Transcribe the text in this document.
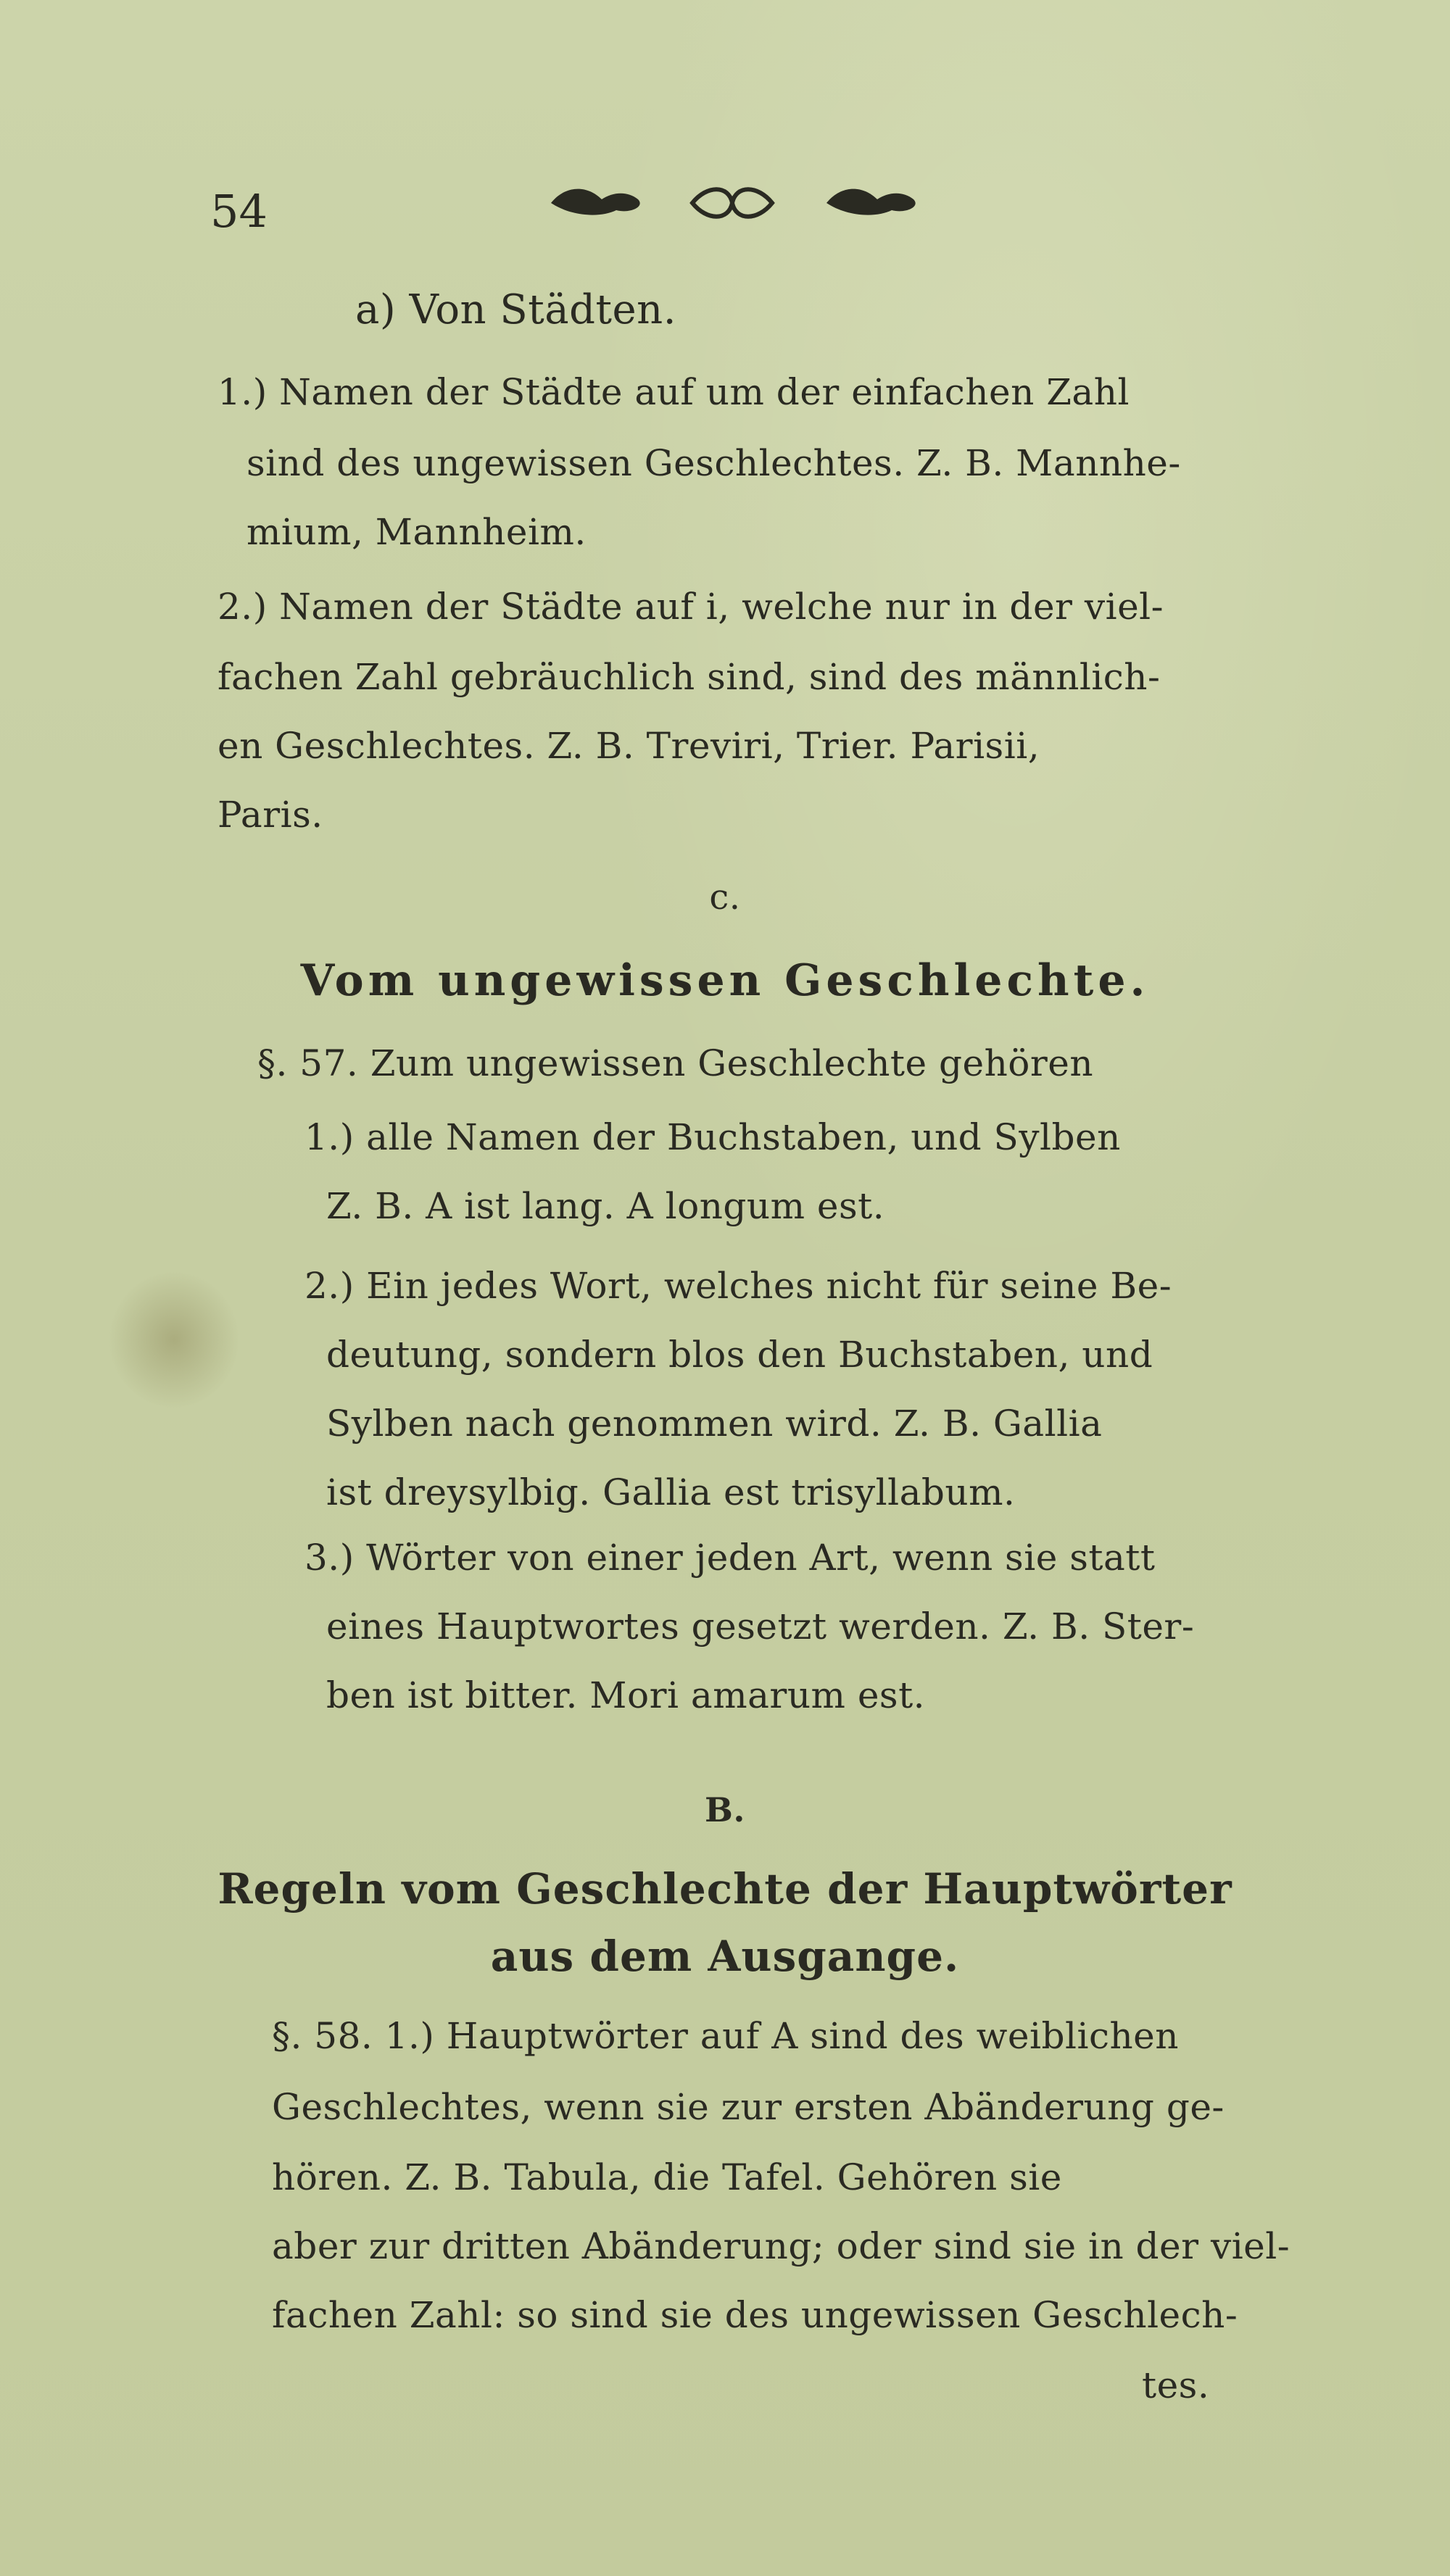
54
a) Von Städten.
1.) Namen der Städte auf um der einfachen Zahl
sind des ungewissen Geschlechtes. Z. B. Mannhe-
mium, Mannheim.
2.) Namen der Städte auf i, welche nur in der viel-
fachen Zahl gebräuchlich sind, sind des männlich-
en Geschlechtes. Z. B. Treviri, Trier. Parisii,
Paris.
c.
Vom ungewissen Geschlechte.
§. 57. Zum ungewissen Geschlechte gehören
1.) alle Namen der Buchstaben, und Sylben
Z. B. A ist lang. A longum est.
2.) Ein jedes Wort, welches nicht für seine Be-
deutung, sondern blos den Buchstaben, und
Sylben nach genommen wird. Z. B. Gallia
ist dreysylbig. Gallia est trisyllabum.
3.) Wörter von einer jeden Art, wenn sie statt
eines Hauptwortes gesetzt werden. Z. B. Ster-
ben ist bitter. Mori amarum est.
B.
Regeln vom Geschlechte der Hauptwörter
aus dem Ausgange.
§. 58. 1.) Hauptwörter auf A sind des weiblichen
Geschlechtes, wenn sie zur ersten Abänderung ge-
hören. Z. B. Tabula, die Tafel. Gehören sie
aber zur dritten Abänderung; oder sind sie in der viel-
fachen Zahl: so sind sie des ungewissen Geschlech-
tes.
